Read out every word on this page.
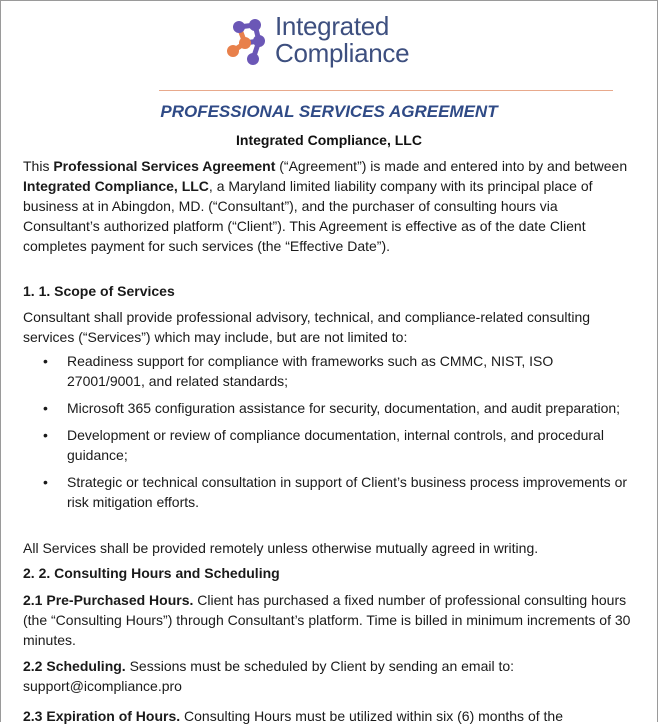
Integrated
Compliance
PROFESSIONAL SERVICES AGREEMENT
Integrated Compliance, LLC
This Professional Services Agreement (“Agreement”) is made and entered into by and between Integrated Compliance, LLC, a Maryland limited liability company with its principal place of business at in Abingdon, MD. (“Consultant”), and the purchaser of consulting hours via Consultant’s authorized platform (“Client”). This Agreement is effective as of the date Client completes payment for such services (the “Effective Date”).
1. 1. Scope of Services
Consultant shall provide professional advisory, technical, and compliance-related consulting services (“Services”) which may include, but are not limited to:
• Readiness support for compliance with frameworks such as CMMC, NIST, ISO 27001/9001, and related standards;
• Microsoft 365 configuration assistance for security, documentation, and audit preparation;
• Development or review of compliance documentation, internal controls, and procedural guidance;
• Strategic or technical consultation in support of Client’s business process improvements or risk mitigation efforts.
All Services shall be provided remotely unless otherwise mutually agreed in writing.
2. 2. Consulting Hours and Scheduling
2.1 Pre-Purchased Hours. Client has purchased a fixed number of professional consulting hours (the “Consulting Hours”) through Consultant’s platform. Time is billed in minimum increments of 30 minutes.
2.2 Scheduling. Sessions must be scheduled by Client by sending an email to: support@icompliance.pro
2.3 Expiration of Hours. Consulting Hours must be utilized within six (6) months of the
